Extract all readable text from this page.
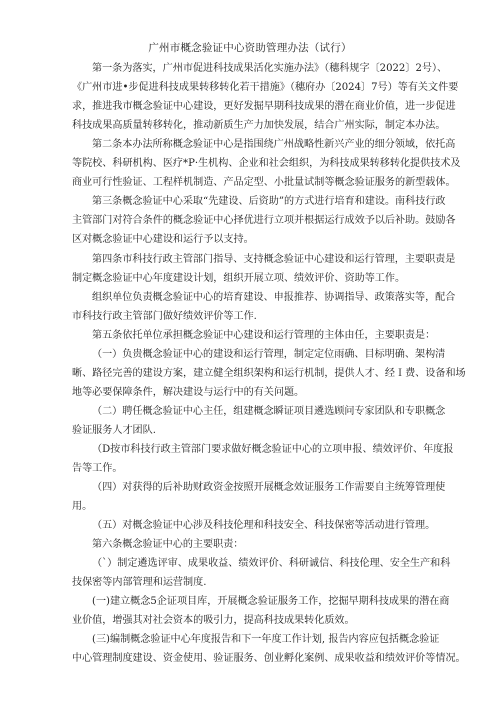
广州市概念验证中心资助管理办法（试行）
第一条为落实，广州市促进科技成果活化实施办法》（穗科规字〔2022〕2号）、
《广州市进•步促进科技成果转移转化若干措施》（穗府办〔2024〕7号）等有关文件要
求，推进我市概念验证中心建设，更好发掘早期科技成果的潜在商业价值，进一步促进
科技成果高质量转移转化，推动新质生产力加快发展，结合广州实际，制定本办法。
第二条本办法所称概念验证中心是指围绕广州战略性新兴产业的细分领域，依托高
等院校、科研机构、医疗*P·生机构、企业和社会组织，为科技成果转移转化提供技术及
商业可行性验证、工程样机制造、产品定型、小批量试制等概念验证服务的新型载体。
第三条概念验证中心采取“先建设、后资助”的方式进行培育和建设。南科技行政
主管部门对符合条件的概念验证中心择优进行立项并根据运行成效予以后补助。鼓励各
区对概念验证中心建设和运行予以支持。
第四条市科技行政主管部门指导、支持概念验证中心建设和运行管理，主要职责是
制定概念验证中心年度建设计划，组织开展立项、绩效评价、资助等工作。
组织单位负责概念验证中心的培育建设、申报推荐、协调指导、政策落实等，配合
市科技行政主管部门做好绩效评价等工作.
第五条依托单位承担概念验证中心建设和运行管理的主体由任，主要职责是：
（一）负贵概念验证中心的建设和运行管理，制定定位雨确、目标明确、架构清
晰、路径完善的建设方案，建立健全组织架构和运行机制，提供人才、经Ｉ费、设备和场
地等必要保障条件，解决建设与运行中的有关问题。
（二）聘任概念验证中心主任，组建概念瞬证项目遴选顾问专家团队和专职概念
验证服务人才团队.
（D按市科技行政主管部门要求做好概念验证中心的立项申报、绩效评价、年度报
告等工作。
（四）对获得的后补助财政资金按照开展概念效证服务工作需要自主统筹管理使
用。
（五）对概念验证中心涉及科技伦理和科技安全、科技保密等活动进行管理。
第六条概念验证中心的主要职责：
（`）制定遴选评审、成果收益、绩效评价、科研诚信、科技伦理、安全生产和科
技保密等内部管理和运营制度.
(一)建立概念5企证项目库，开展概念验证服务工作，挖掘早期科技成果的潜在商
业价值，增强其对社会资本的吸引力，提高科技成果转化质效。
(三)编制概念验证中心年度报告和下一年度工作计划, 报告内容应包括概念验证
中心管理制度建设、资金使用、验证服务、创业孵化案例、成果收益和绩效评价等情况。
